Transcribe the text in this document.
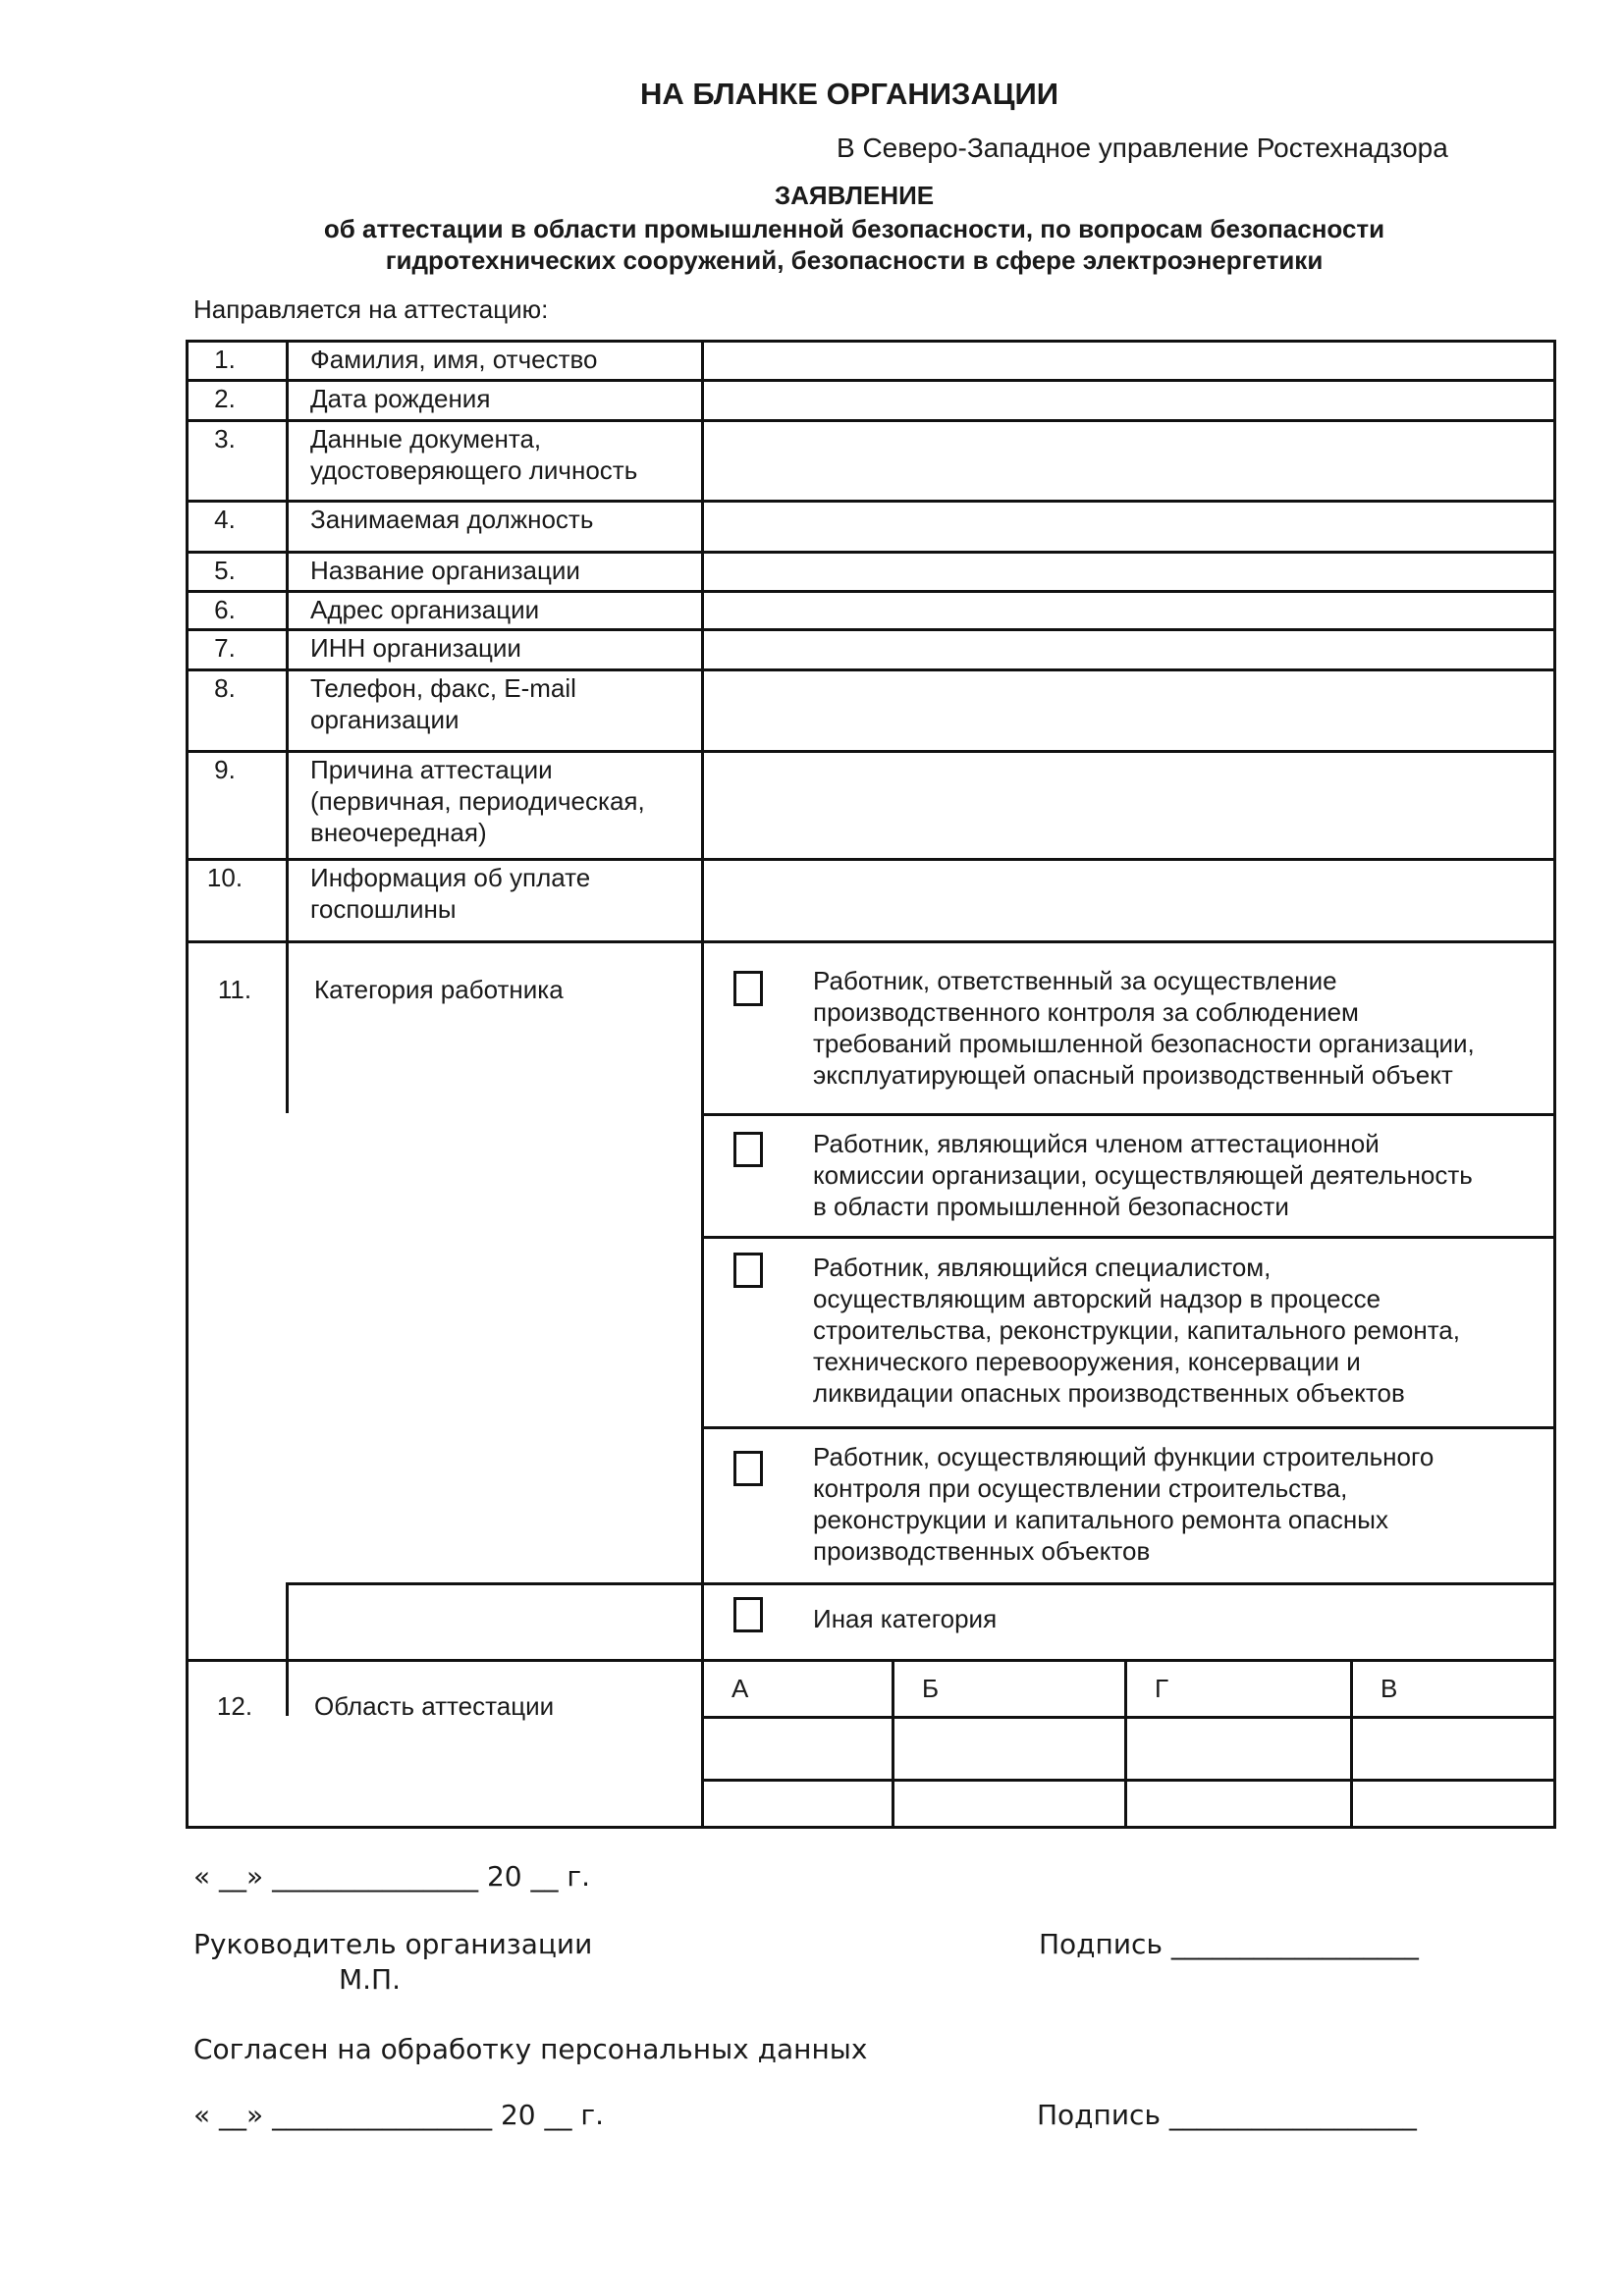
НА БЛАНКЕ ОРГАНИЗАЦИИ
В Северо-Западное управление Ростехнадзора
ЗАЯВЛЕНИЕ
об аттестации в области промышленной безопасности, по вопросам безопасности
гидротехнических сооружений, безопасности в сфере электроэнергетики
Направляется на аттестацию:
1.	Фамилия, имя, отчество
2.	Дата рождения
3.	Данные документа,
удостоверяющего личность
4.	Занимаемая должность
5.	Название организации
6.	Адрес организации
7.	ИНН организации
8.	Телефон, факс, E-mail
организации
9.	Причина аттестации
(первичная, периодическая,
внеочередная)
10.	Информация об уплате
госпошлины
11.	Категория работника	Работник, ответственный за осуществление
производственного контроля за соблюдением
требований промышленной безопасности организации,
эксплуатирующей опасный производственный объект
Работник, являющийся членом аттестационной
комиссии организации, осуществляющей деятельность
в области промышленной безопасности
Работник, являющийся специалистом,
осуществляющим авторский надзор в процессе
строительства, реконструкции, капитального ремонта,
технического перевооружения, консервации и
ликвидации опасных производственных объектов
Работник, осуществляющий функции строительного
контроля при осуществлении строительства,
реконструкции и капитального ремонта опасных
производственных объектов
Иная категория
12.	Область аттестации
А	Б	Г	В
« __» _______________ 20 __ г.
Руководитель организации
М.П.
Подпись __________________
Согласен на обработку персональных данных
« __» ________________ 20 __ г.	Подпись __________________
